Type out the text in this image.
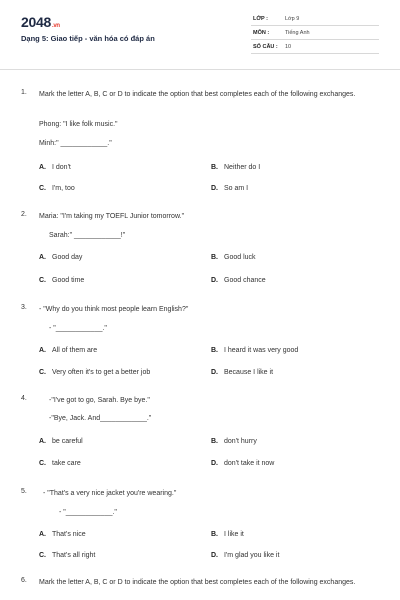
2048.vn
Dạng 5: Giao tiếp - văn hóa có đáp án
LỚP :	Lớp 9
MÔN :	Tiếng Anh
SỐ CÂU : 10
1. Mark the letter A, B, C or D to indicate the option that best completes each of the following exchanges.
Phong: "I like folk music."
Minh:" ____________."
A. I don't	B. Neither do I
C. I'm, too	D. So am I
2. Maria: "I'm taking my TOEFL Junior tomorrow."
Sarah:" ____________!"
A. Good day	B. Good luck
C. Good time	D. Good chance
3. - "Why do you think most people learn English?"
- "____________."
A. All of them are	B. I heard it was very good
C. Very often it's to get a better job	D. Because I like it
4.	-"I've got to go, Sarah. Bye bye."
-"Bye, Jack. And____________."
A. be careful	B. don't hurry
C. take care	D. don't take it now
5. - "That's a very nice jacket you're wearing."
- "____________."
A. That's nice	B. I like it
C. That's all right	D. I'm glad you like it
6. Mark the letter A, B, C or D to indicate the option that best completes each of the following exchanges.
